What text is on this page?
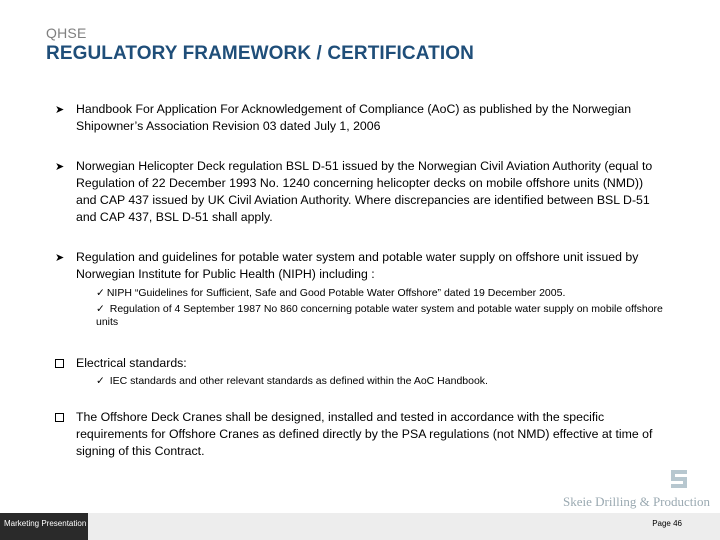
QHSE
REGULATORY FRAMEWORK / CERTIFICATION
➤
Handbook For Application For Acknowledgement of Compliance (AoC) as published by the Norwegian Shipowner’s Association Revision 03 dated July 1, 2006
➤
Norwegian Helicopter Deck regulation BSL D-51 issued by the Norwegian Civil Aviation Authority (equal to Regulation of 22 December 1993 No. 1240 concerning helicopter decks on mobile offshore units (NMD)) and CAP 437 issued by UK Civil Aviation Authority. Where discrepancies are identified between BSL D-51 and CAP 437, BSL D-51 shall apply.
➤
Regulation and guidelines for potable water system and potable water supply on offshore unit issued by Norwegian Institute for Public Health (NIPH) including :
✓ NIPH “Guidelines for Sufficient, Safe and Good Potable Water Offshore” dated 19 December 2005.
✓ Regulation of 4 September 1987 No 860 concerning potable water system and potable water supply on mobile offshore units
Electrical standards:
✓ IEC standards and other relevant standards as defined within the AoC Handbook.
The Offshore Deck Cranes shall be designed, installed and tested in accordance with the specific requirements for Offshore Cranes as defined directly by the PSA regulations (not NMD) effective at time of signing of this Contract.
Skeie Drilling & Production
Marketing Presentation	Page 46
